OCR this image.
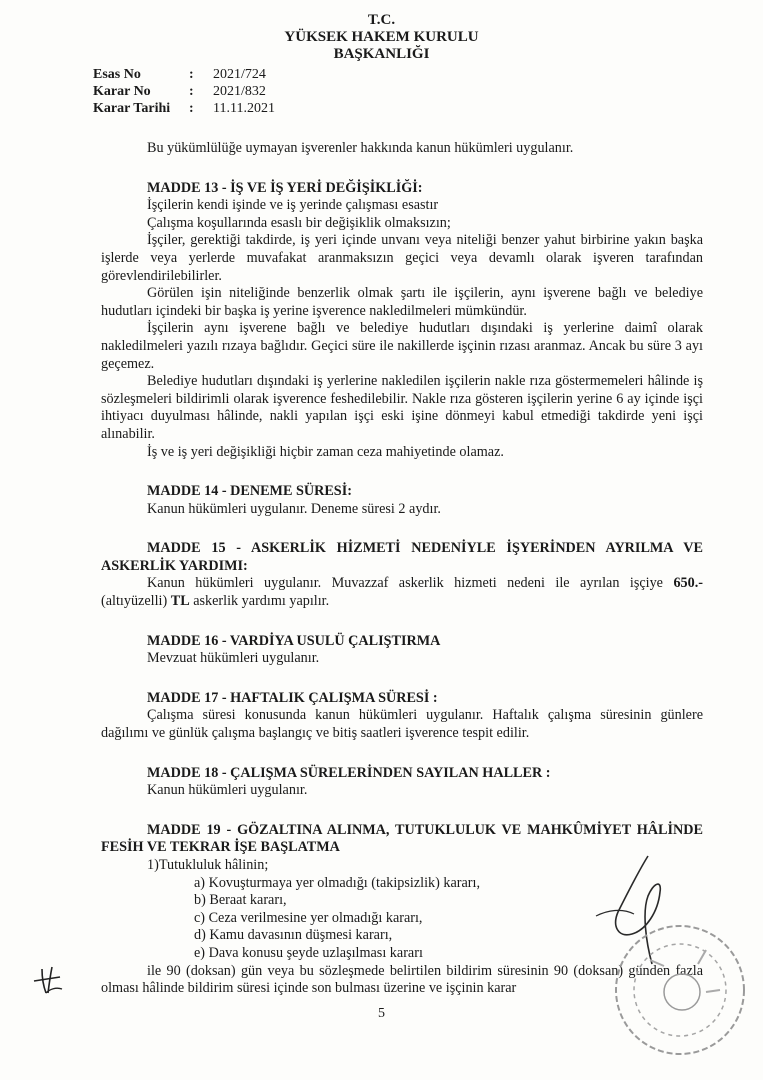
T.C.
YÜKSEK HAKEM KURULU
BAŞKANLIĞI
Esas No	:	2021/724
Karar No	:	2021/832
Karar Tarihi	:	11.11.2021

Bu yükümlülüğe uymayan işverenler hakkında kanun hükümleri uygulanır.

MADDE 13 - İŞ VE İŞ YERİ DEĞİŞİKLİĞİ:

İşçilerin kendi işinde ve iş yerinde çalışması esastır

Çalışma koşullarında esaslı bir değişiklik olmaksızın;

İşçiler, gerektiği takdirde, iş yeri içinde unvanı veya niteliği benzer yahut birbirine yakın başka işlerde veya yerlerde muvafakat aranmaksızın geçici veya devamlı olarak işveren tarafından görevlendirilebilirler.

Görülen işin niteliğinde benzerlik olmak şartı ile işçilerin, aynı işverene bağlı ve belediye hudutları içindeki bir başka iş yerine işverence nakledilmeleri mümkündür.

İşçilerin aynı işverene bağlı ve belediye hudutları dışındaki iş yerlerine daimî olarak nakledilmeleri yazılı rızaya bağlıdır. Geçici süre ile nakillerde işçinin rızası aranmaz. Ancak bu süre 3 ayı geçemez.

Belediye hudutları dışındaki iş yerlerine nakledilen işçilerin nakle rıza göstermemeleri hâlinde iş sözleşmeleri bildirimli olarak işverence feshedilebilir. Nakle rıza gösteren işçilerin yerine 6 ay içinde işçi ihtiyacı duyulması hâlinde, nakli yapılan işçi eski işine dönmeyi kabul etmediği takdirde yeni işçi alınabilir.

İş ve iş yeri değişikliği hiçbir zaman ceza mahiyetinde olamaz.

MADDE 14 - DENEME SÜRESİ:

Kanun hükümleri uygulanır. Deneme süresi 2 aydır.

MADDE 15 - ASKERLİK HİZMETİ NEDENİYLE İŞYERİNDEN AYRILMA VE ASKERLİK YARDIMI:

Kanun hükümleri uygulanır. Muvazzaf askerlik hizmeti nedeni ile ayrılan işçiye 650.- (altıyüzelli) TL askerlik yardımı yapılır.

MADDE 16 - VARDİYA USULÜ ÇALIŞTIRMA

Mevzuat hükümleri uygulanır.

MADDE 17 - HAFTALIK ÇALIŞMA SÜRESİ :

Çalışma süresi konusunda kanun hükümleri uygulanır. Haftalık çalışma süresinin günlere dağılımı ve günlük çalışma başlangıç ve bitiş saatleri işverence tespit edilir.

MADDE 18 - ÇALIŞMA SÜRELERİNDEN SAYILAN HALLER :

Kanun hükümleri uygulanır.

MADDE 19 - GÖZALTINA ALINMA, TUTUKLULUK VE MAHKÛMİYET HÂLİNDE FESİH VE TEKRAR İŞE BAŞLATMA

1)Tutukluluk hâlinin;

a) Kovuşturmaya yer olmadığı (takipsizlik) kararı,

b) Beraat kararı,

c) Ceza verilmesine yer olmadığı kararı,

d) Kamu davasının düşmesi kararı,

e) Dava konusu şeyde uzlaşılması kararı

ile 90 (doksan) gün veya bu sözleşmede belirtilen bildirim süresinin 90 (doksan) günden fazla olması hâlinde bildirim süresi içinde son bulması üzerine ve işçinin karar

5
